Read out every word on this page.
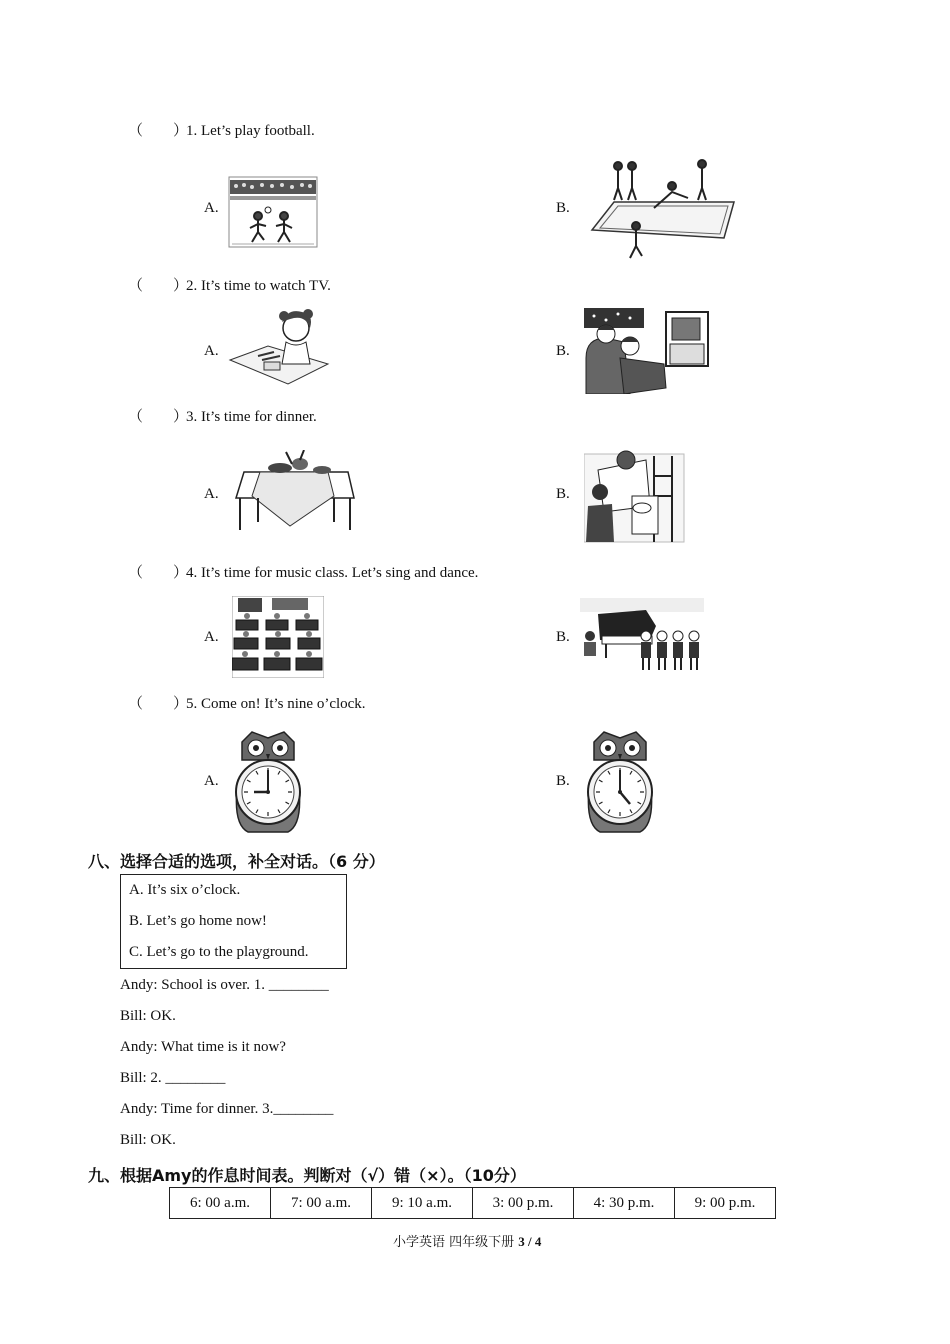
（　　）1. Let’s play football.
A.	B.
（　　）2. It’s time to watch TV.
A.	B.
（　　）3. It’s time for dinner.
A.	B.
（　　）4. It’s time for music class. Let’s sing and dance.
A.	B.
（　　）5. Come on! It’s nine o’clock.
A.	B.
八、选择合适的选项，补全对话。（6 分）
A. It’s six o’clock.
B. Let’s go home now!
C. Let’s go to the playground.
Andy: School is over. 1. ________
Bill: OK.
Andy: What time is it now?
Bill: 2. ________
Andy: Time for dinner. 3.________
Bill: OK.
九、根据Amy的作息时间表。判断对（√）错（×）。（10分）
6: 00 a.m.	7: 00 a.m.	9: 10 a.m.	3: 00 p.m.	4: 30 p.m.	9: 00 p.m.
小学英语 四年级下册 3 / 4
